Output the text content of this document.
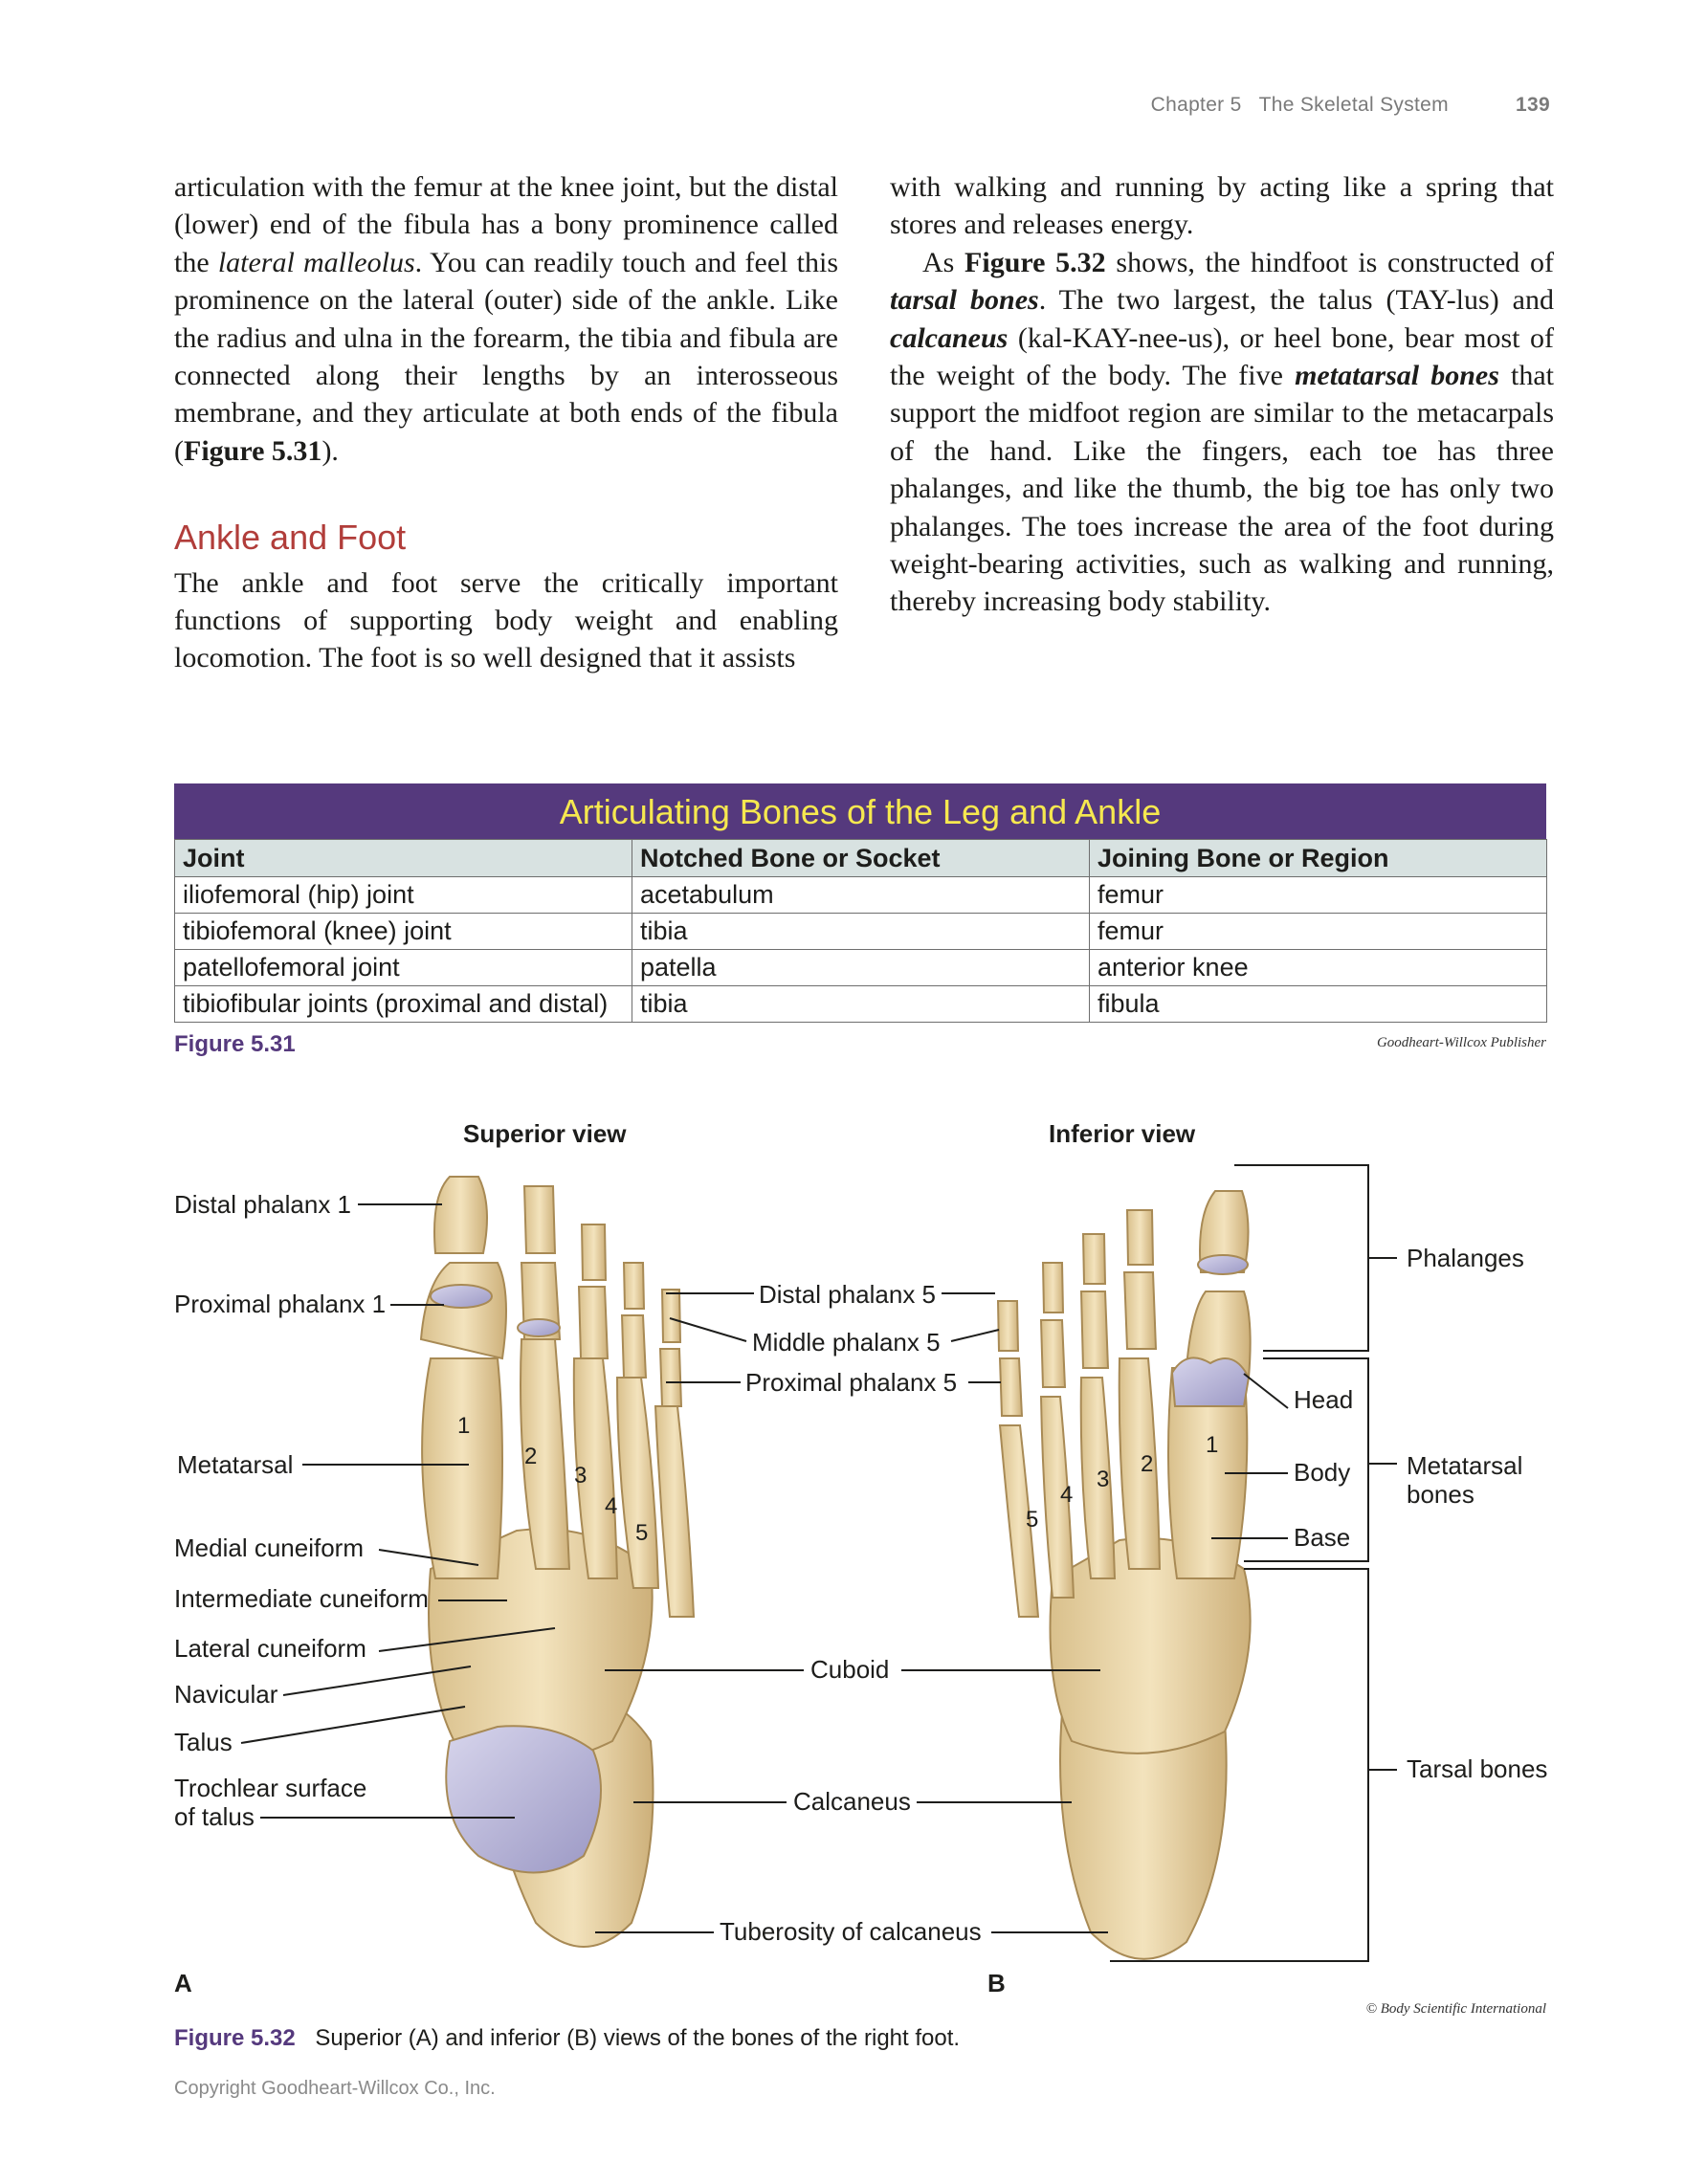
Chapter 5 The Skeletal System	139

articulation with the femur at the knee joint, but the distal (lower) end of the fibula has a bony prominence called the lateral malleolus. You can readily touch and feel this prominence on the lateral (outer) side of the ankle. Like the radius and ulna in the forearm, the tibia and fibula are connected along their lengths by an interosseous membrane, and they articulate at both ends of the fibula (Figure 5.31).

Ankle and Foot

The ankle and foot serve the critically important functions of supporting body weight and enabling locomotion. The foot is so well designed that it assists

with walking and running by acting like a spring that stores and releases energy.

As Figure 5.32 shows, the hindfoot is constructed of tarsal bones. The two largest, the talus (TAY-lus) and calcaneus (kal-KAY-nee-us), or heel bone, bear most of the weight of the body. The five metatarsal bones that support the midfoot region are similar to the metacarpals of the hand. Like the fingers, each toe has three phalanges, and like the thumb, the big toe has only two phalanges. The toes increase the area of the foot during weight-bearing activities, such as walking and running, thereby increasing body stability.

Articulating Bones of the Leg and Ankle
Joint	Notched Bone or Socket	Joining Bone or Region
iliofemoral (hip) joint	acetabulum	femur
tibiofemoral (knee) joint	tibia	femur
patellofemoral joint	patella	anterior knee
tibiofibular joints (proximal and distal)	tibia	fibula
Figure 5.31	Goodheart-Willcox Publisher
Superior view	Inferior view
1
2
3
4
5
1
2
3
4
5
Distal phalanx 1
Proximal phalanx 1
Metatarsal
Medial cuneiform
Intermediate cuneiform
Lateral cuneiform
Navicular
Talus
Trochlear surface
of talus
Distal phalanx 5
Middle phalanx 5
Proximal phalanx 5
Cuboid
Calcaneus
Tuberosity of calcaneus
Phalanges
Metatarsal
bones
Head
Body
Base
Tarsal bones
A	B
© Body Scientific International
Figure 5.32 Superior (A) and inferior (B) views of the bones of the right foot.
Copyright Goodheart-Willcox Co., Inc.
